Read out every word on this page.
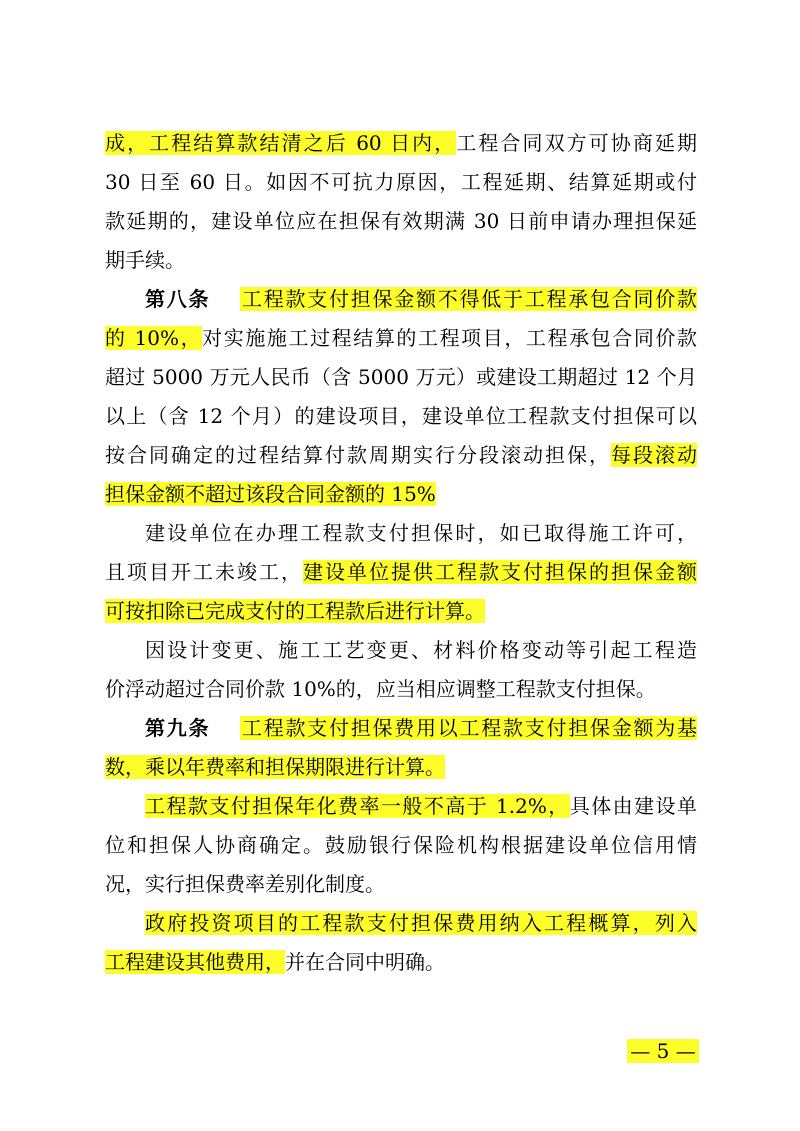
成，工程结算款结清之后 60 日内，工程合同双方可协商延期
30 日至 60 日。如因不可抗力原因，工程延期、结算延期或付
款延期的，建设单位应在担保有效期满 30 日前申请办理担保延
期手续。
第八条 工程款支付担保金额不得低于工程承包合同价款
的 10%，对实施施工过程结算的工程项目，工程承包合同价款
超过 5000 万元人民币（含 5000 万元）或建设工期超过 12 个月
以上（含 12 个月）的建设项目，建设单位工程款支付担保可以
按合同确定的过程结算付款周期实行分段滚动担保，每段滚动
担保金额不超过该段合同金额的 15%
建设单位在办理工程款支付担保时，如已取得施工许可，
且项目开工未竣工，建设单位提供工程款支付担保的担保金额
可按扣除已完成支付的工程款后进行计算。
因设计变更、施工工艺变更、材料价格变动等引起工程造
价浮动超过合同价款 10%的，应当相应调整工程款支付担保。
第九条 工程款支付担保费用以工程款支付担保金额为基
数，乘以年费率和担保期限进行计算。
工程款支付担保年化费率一般不高于 1.2%，具体由建设单
位和担保人协商确定。鼓励银行保险机构根据建设单位信用情
况，实行担保费率差别化制度。
政府投资项目的工程款支付担保费用纳入工程概算，列入
工程建设其他费用，并在合同中明确。
— 5 —
